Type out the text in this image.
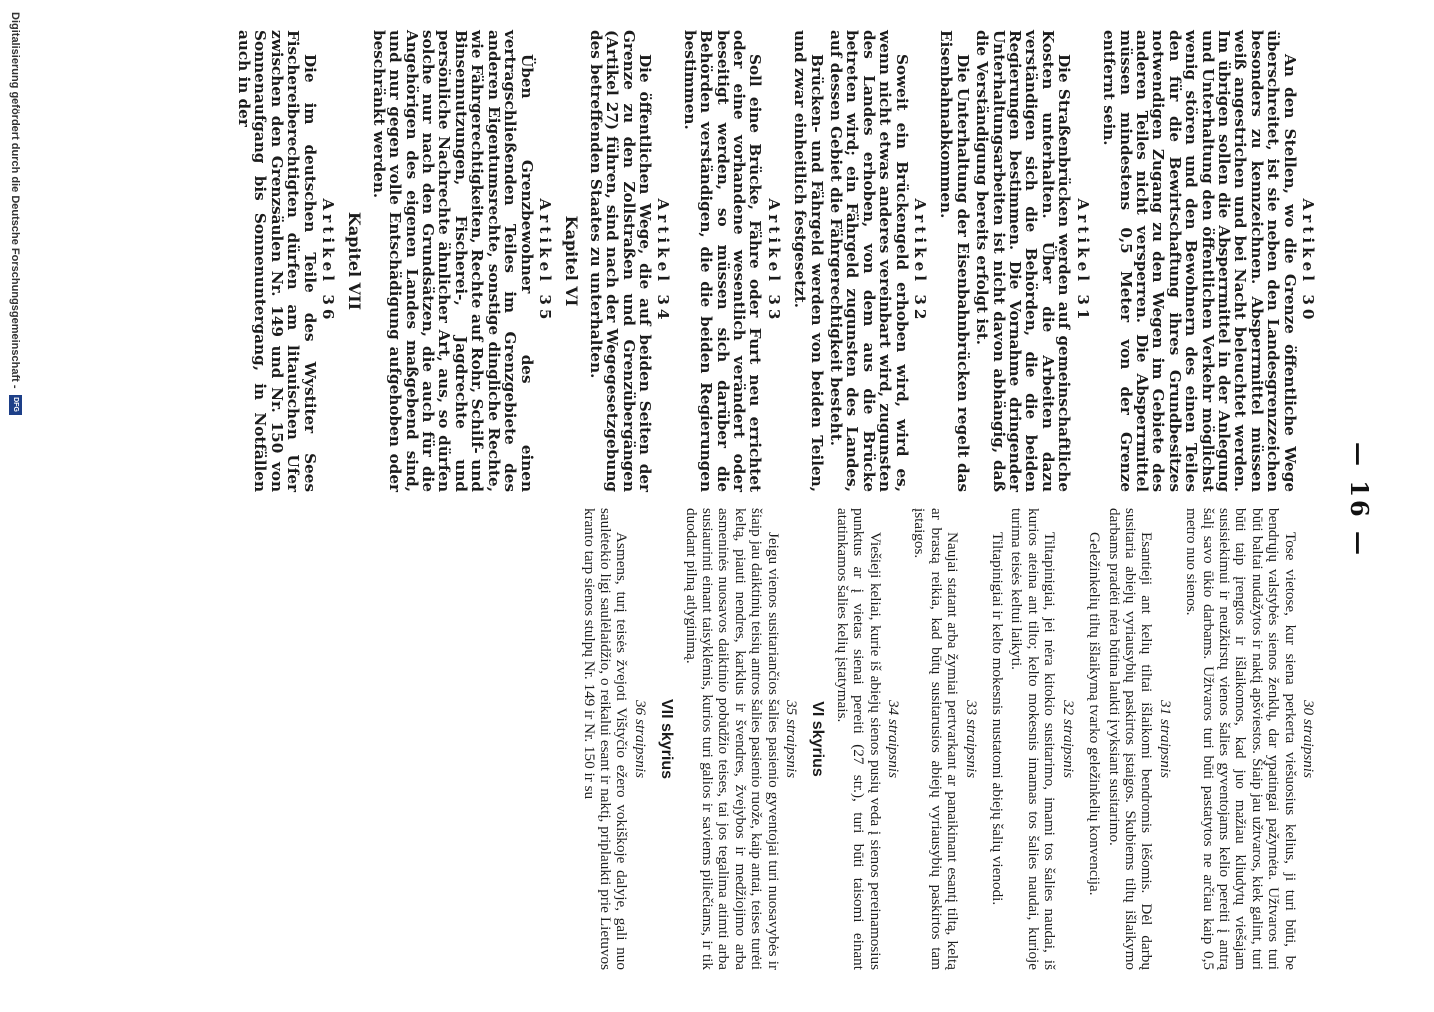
— 16 —
Artikel 30
An den Stellen, wo die Grenze öffentliche Wege überschreitet, ist sie neben den Landesgrenzzeichen besonders zu kennzeichnen. Absperrmittel müssen weiß angestrichen und bei Nacht beleuchtet werden. Im übrigen sollen die Absperrmittel in der Anlegung und Unterhaltung den öffentlichen Verkehr möglichst wenig stören und den Bewohnern des einen Teiles den für die Bewirtschaftung ihres Grundbesitzes notwendigen Zugang zu den Wegen im Gebiete des anderen Teiles nicht versperren. Die Absperrmittel müssen mindestens 0,5 Meter von der Grenze entfernt sein.
Artikel 31
Die Straßenbrücken werden auf gemeinschaftliche Kosten unterhalten. Über die Arbeiten dazu verständigen sich die Behörden, die die beiden Regierungen bestimmen. Die Vornahme dringender Unterhaltungsarbeiten ist nicht davon abhängig, daß die Verständigung bereits erfolgt ist.
Die Unterhaltung der Eisenbahnbrücken regelt das Eisenbahnabkommen.
Artikel 32
Soweit ein Brückengeld erhoben wird, wird es, wenn nicht etwas anderes vereinbart wird, zugunsten des Landes erhoben, von dem aus die Brücke betreten wird; ein Fährgeld zugunsten des Landes, auf dessen Gebiet die Fährgerechtigkeit besteht.
Brücken- und Fährgeld werden von beiden Teilen, und zwar einheitlich festgesetzt.
Artikel 33
Soll eine Brücke, Fähre oder Furt neu errichtet oder eine vorhandene wesentlich verändert oder beseitigt werden, so müssen sich darüber die Behörden verständigen, die die beiden Regierungen bestimmen.
Artikel 34
Die öffentlichen Wege, die auf beiden Seiten der Grenze zu den Zollstraßen und Grenzübergängen (Artikel 27) führen, sind nach der Wegegesetzgebung des betreffenden Staates zu unterhalten.
Kapitel VI
Artikel 35
Üben Grenzbewohner des einen vertragschließenden Teiles im Grenzgebiete des anderen Eigentumsrechte, sonstige dingliche Rechte, wie Fährgerechtigkeiten, Rechte auf Rohr, Schilf- und Binsennutzungen, Fischerei-, Jagdrechte und persönliche Nachrechte ähnlicher Art, aus, so dürfen solche nur nach den Grundsätzen, die auch für die Angehörigen des eigenen Landes maßgebend sind, und nur gegen volle Entschädigung aufgehoben oder beschränkt werden.
Kapitel VII
Artikel 36
Die im deutschen Teile des Wystiter Sees Fischereiberechtigten dürfen am litauischen Ufer zwischen den Grenzsäulen Nr. 149 und Nr. 150 von Sonnenaufgang bis Sonnenuntergang, in Notfällen auch in der
30 straipsnis
Tose vietose, kur siena perkerta viešuosius kelius, ji turi būti, be bendrųjų valstybės sienos ženklų, dar ypatingai pažymėta. Užtvaros turi būti baltai nudažytos ir naktį apšviestos. Šiaip jau užtvaros, kiek galint, turi būti taip įrengtos ir išlaikomos, kad juo mažiau kliudytų viešajam susisiekimui ir neužkirstų vienos šalies gyventojams kelio pereiti į antrą šalį savo ūkio darbams. Užtvaros turi būti pastatytos ne arčiau kaip 0,5 metro nuo sienos.
31 straipsnis
Esantieji ant kelių tiltai išlaikomi bendromis lėšomis. Dėl darbų susitaria abiejų vyriausybių paskirtos įstaigos. Skubiems tiltų išlaikymo darbams pradėti nėra būtina laukti įvyksiant susitarimo.
Geležinkelių tiltų išlaikymą tvarko geležinkelių konvencija.
32 straipsnis
Tiltapinigiai, jei nėra kitokio susitarimo, imami tos šalies naudai, iš kurios ateina ant tilto; kelto mokesnis imamas tos šalies naudai, kurioje turima teisės keltui laikyti.
Tiltapinigiai ir kelto mokesnis nustatomi abiejų šalių vienodi.
33 straipsnis
Naujai statant arba žymiai pertvarkant ar panaikinant esantį tiltą, keltą ar brastą reikia, kad būtų susitarusios abiejų vyriausybių paskirtos tam įstaigos.
34 straipsnis
Viešieji keliai, kurie iš abiejų sienos pusių veda į sienos pereinamosius punktus ar į vietas sienai pereiti (27 str.), turi būti taisomi einant atatinkamos šalies kelių įstatymais.
VI skyrius
35 straipsnis
Jeigu vienos susitariančios šalies pasienio gyventojai turi nuosavybės ir šiaip jau daiktinių teisių antros šalies pasienio ruože, kaip antai, teises turėti keltą, piauti nendres, karklus ir švendres, žvejybos ir medžiojimo arba asmeninės nuosavos daiktinio pobūdžio teises, tai jos tegalima atimti arba susiaurinti einant taisyklėmis, kurios turi galios ir saviems piliečiams, ir tik duodant pilną atlyginimą.
VII skyrius
36 straipsnis
Asmens, turį teisės žvejoti Vištyčio ežero vokiškoje dalyje, gali nuo saulėtekio ligi saulėlaidžio, o reikalui esant ir naktį, priplaukti prie Lietuvos kranto tarp sienos stulpų Nr. 149 ir Nr. 150 ir su
Digitalisierung gefördert durch die Deutsche Forschungsgemeinschaft -
DFG
